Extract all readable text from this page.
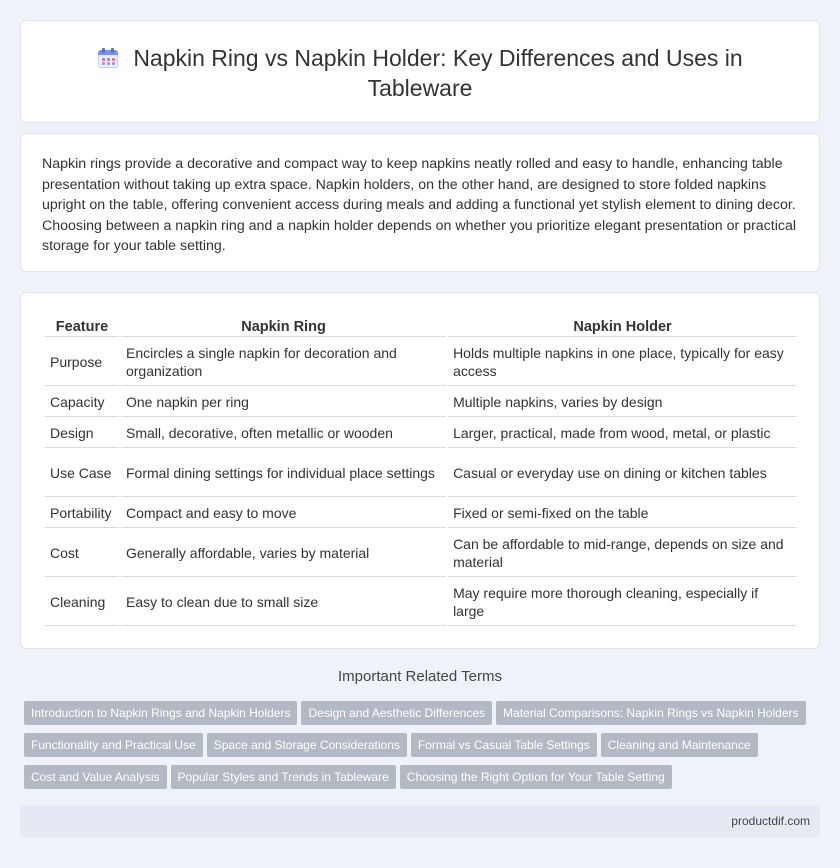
Napkin Ring vs Napkin Holder: Key Differences and Uses in Tableware

Napkin rings provide a decorative and compact way to keep napkins neatly rolled and easy to handle, enhancing table presentation without taking up extra space. Napkin holders, on the other hand, are designed to store folded napkins upright on the table, offering convenient access during meals and adding a functional yet stylish element to dining decor. Choosing between a napkin ring and a napkin holder depends on whether you prioritize elegant presentation or practical storage for your table setting.

Feature	Napkin Ring	Napkin Holder
Purpose	Encircles a single napkin for decoration and organization	Holds multiple napkins in one place, typically for easy access
Capacity	One napkin per ring	Multiple napkins, varies by design
Design	Small, decorative, often metallic or wooden	Larger, practical, made from wood, metal, or plastic
Use Case	Formal dining settings for individual place settings	Casual or everyday use on dining or kitchen tables
Portability	Compact and easy to move	Fixed or semi-fixed on the table
Cost	Generally affordable, varies by material	Can be affordable to mid-range, depends on size and material
Cleaning	Easy to clean due to small size	May require more thorough cleaning, especially if large
Important Related Terms
Introduction to Napkin Rings and Napkin Holders Design and Aesthetic Differences Material Comparisons: Napkin Rings vs Napkin Holders
Functionality and Practical Use Space and Storage Considerations Formal vs Casual Table Settings Cleaning and Maintenance
Cost and Value Analysis Popular Styles and Trends in Tableware Choosing the Right Option for Your Table Setting
productdif.com
